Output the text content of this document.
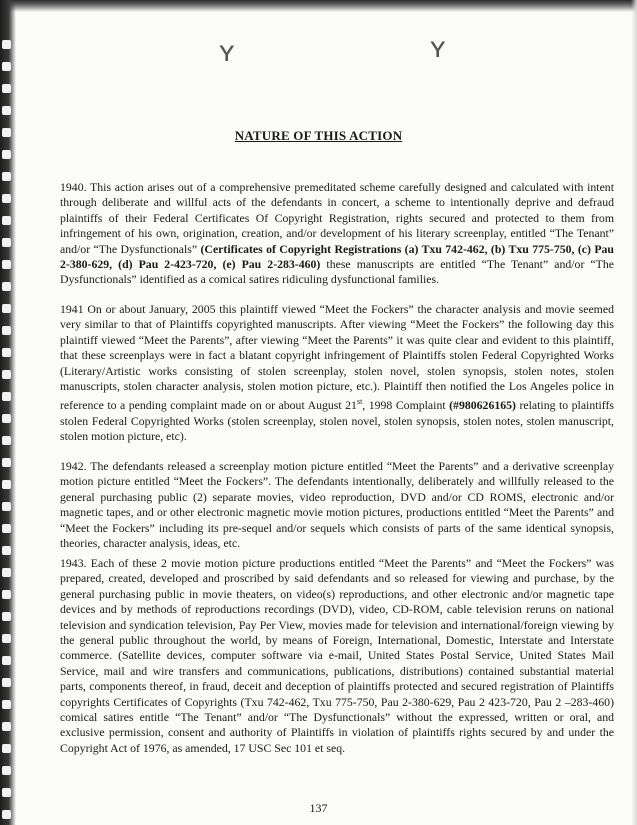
ʏ	ʏ
NATURE OF THIS ACTION

1940. This action arises out of a comprehensive premeditated scheme carefully designed and calculated with intent through deliberate and willful acts of the defendants in concert, a scheme to intentionally deprive and defraud plaintiffs of their Federal Certificates Of Copyright Registration, rights secured and protected to them from infringement of his own, origination, creation, and/or development of his literary screenplay, entitled “The Tenant” and/or “The Dysfunctionals” (Certificates of Copyright Registrations (a) Txu 742-462, (b) Txu 775-750, (c) Pau 2-380-629, (d) Pau 2-423-720, (e) Pau 2-283-460) these manuscripts are entitled “The Tenant” and/or “The Dysfunctionals” identified as a comical satires ridiculing dysfunctional families.

1941 On or about January, 2005 this plaintiff viewed “Meet the Fockers” the character analysis and movie seemed very similar to that of Plaintiffs copyrighted manuscripts. After viewing “Meet the Fockers” the following day this plaintiff viewed “Meet the Parents”, after viewing “Meet the Parents” it was quite clear and evident to this plaintiff, that these screenplays were in fact a blatant copyright infringement of Plaintiffs stolen Federal Copyrighted Works (Literary/Artistic works consisting of stolen screenplay, stolen novel, stolen synopsis, stolen notes, stolen manuscripts, stolen character analysis, stolen motion picture, etc.). Plaintiff then notified the Los Angeles police in reference to a pending complaint made on or about August 21st, 1998 Complaint (#980626165) relating to plaintiffs stolen Federal Copyrighted Works (stolen screenplay, stolen novel, stolen synopsis, stolen notes, stolen manuscript, stolen motion picture, etc).

1942. The defendants released a screenplay motion picture entitled “Meet the Parents” and a derivative screenplay motion picture entitled “Meet the Fockers”. The defendants intentionally, deliberately and willfully released to the general purchasing public (2) separate movies, video reproduction, DVD and/or CD ROMS, electronic and/or magnetic tapes, and or other electronic magnetic movie motion pictures, productions entitled “Meet the Parents” and “Meet the Fockers” including its pre-sequel and/or sequels which consists of parts of the same identical synopsis, theories, character analysis, ideas, etc.

1943. Each of these 2 movie motion picture productions entitled “Meet the Parents” and “Meet the Fockers” was prepared, created, developed and proscribed by said defendants and so released for viewing and purchase, by the general purchasing public in movie theaters, on video(s) reproductions, and other electronic and/or magnetic tape devices and by methods of reproductions recordings (DVD), video, CD-ROM, cable television reruns on national television and syndication television, Pay Per View, movies made for television and international/foreign viewing by the general public throughout the world, by means of Foreign, International, Domestic, Interstate and Interstate commerce. (Satellite devices, computer software via e-mail, United States Postal Service, United States Mail Service, mail and wire transfers and communications, publications, distributions) contained substantial material parts, components thereof, in fraud, deceit and deception of plaintiffs protected and secured registration of Plaintiffs copyrights Certificates of Copyrights (Txu 742-462, Txu 775-750, Pau 2-380-629, Pau 2 423-720, Pau 2 –283-460) comical satires entitle “The Tenant” and/or “The Dysfunctionals” without the expressed, written or oral, and exclusive permission, consent and authority of Plaintiffs in violation of plaintiffs rights secured by and under the Copyright Act of 1976, as amended, 17 USC Sec 101 et seq.

137
